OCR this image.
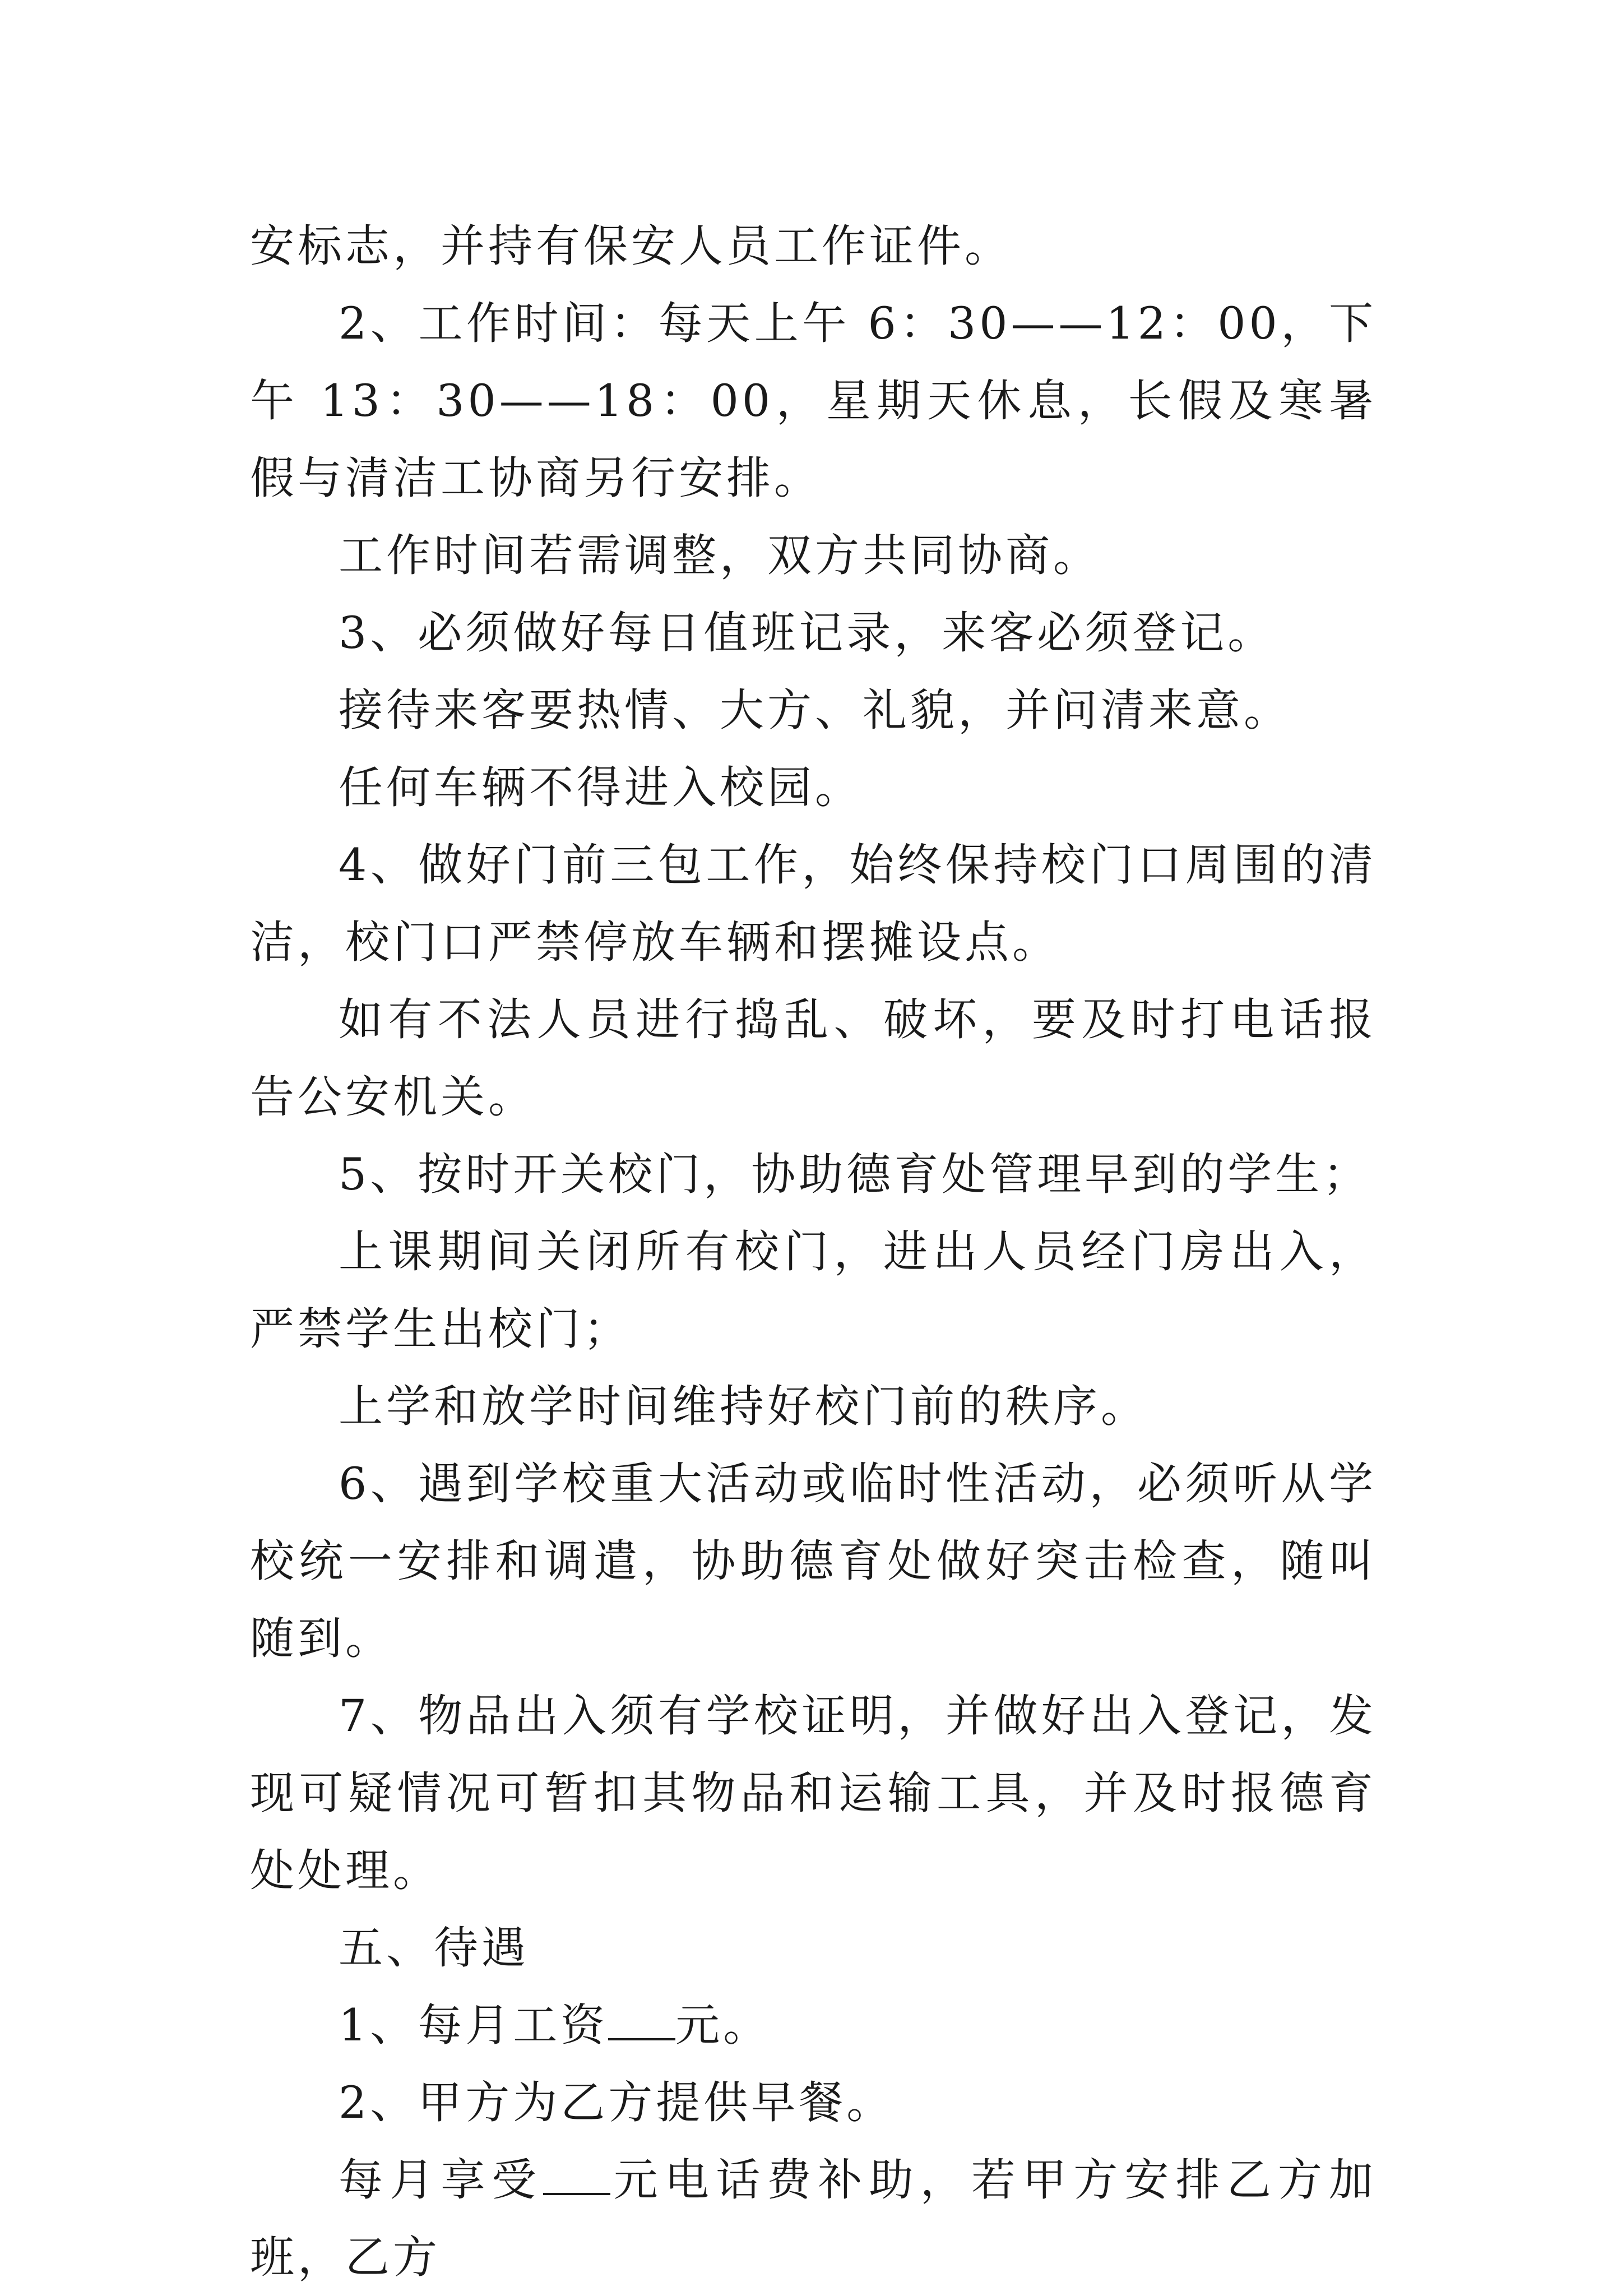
安标志，并持有保安人员工作证件。

2、工作时间：每天上午 6：30——12：00，下午 13：30——18：00，星期天休息，长假及寒暑假与清洁工协商另行安排。

工作时间若需调整，双方共同协商。

3、必须做好每日值班记录，来客必须登记。

接待来客要热情、大方、礼貌，并问清来意。

任何车辆不得进入校园。

4、做好门前三包工作，始终保持校门口周围的清洁，校门口严禁停放车辆和摆摊设点。

如有不法人员进行捣乱、破坏，要及时打电话报告公安机关。

5、按时开关校门，协助德育处管理早到的学生；

上课期间关闭所有校门，进出人员经门房出入，严禁学生出校门；

上学和放学时间维持好校门前的秩序。

6、遇到学校重大活动或临时性活动，必须听从学校统一安排和调遣，协助德育处做好突击检查，随叫随到。

7、物品出入须有学校证明，并做好出入登记，发现可疑情况可暂扣其物品和运输工具，并及时报德育处处理。

五、待遇

1、每月工资 元。

2、甲方为乙方提供早餐。

每月享受 元电话费补助，若甲方安排乙方加班，乙方
